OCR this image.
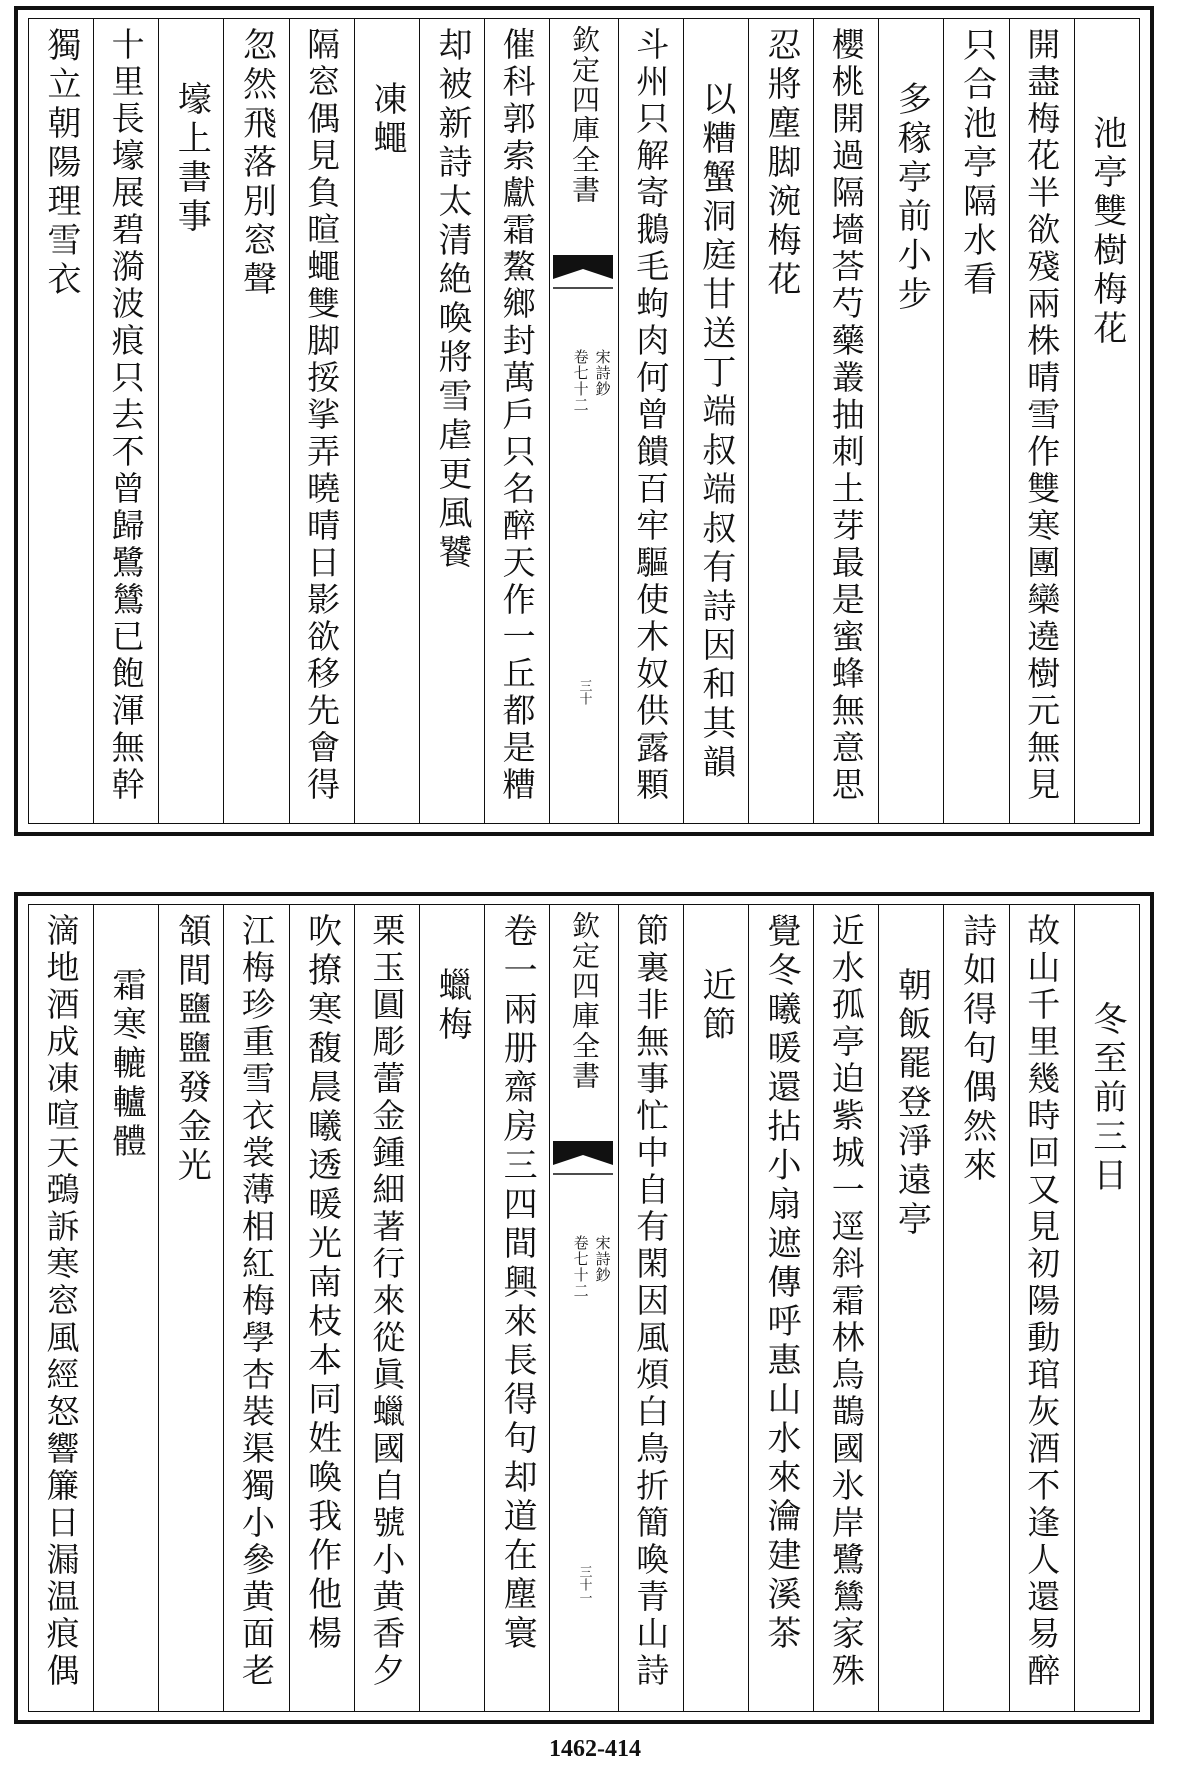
池亭雙樹梅花
開盡梅花半欲殘兩株晴雪作雙寒團欒遶樹元無見
只合池亭隔水看
多稼亭前小步
櫻桃開過隔墻荅芍藥叢抽刺土芽最是蜜蜂無意思
忍將塵脚涴梅花
以糟蟹洞庭甘送丁端叔端叔有詩因和其韻
斗州只解寄鵝毛蚼肉何曾饋百牢驅使木奴供露顆
欽定四庫全書
宋詩鈔
卷七十二
三十
催科郭索獻霜鰲鄉封萬戶只名醉天作一丘都是糟
却被新詩太清絶喚將雪虐更風饕
凍蠅
隔窓偶見負暄蠅雙脚挼挲弄曉晴日影欲移先會得
忽然飛落別窓聲
壕上書事
十里長壕展碧漪波痕只去不曾歸鷺鷥已飽渾無幹
獨立朝陽理雪衣
冬至前三日
故山千里幾時回又見初陽動琯灰酒不逢人還易醉
詩如得句偶然來
朝飯罷登淨遠亭
近水孤亭迫紫城一逕斜霜林烏鵲國氷岸鷺鷥家殊
覺冬曦暖還拈小扇遮傳呼惠山水來瀹建溪茶
近節
節裏非無事忙中自有閑因風煩白鳥折簡喚青山詩
欽定四庫全書
宋詩鈔
卷七十二
三十一
卷一兩册齋房三四間興來長得句却道在塵寰
蠟梅
栗玉圓彫蕾金鍾細著行來從眞蠟國自號小黄香夕
吹撩寒馥晨曦透暖光南枝本同姓喚我作他楊
江梅珍重雪衣裳薄相紅梅學杏裝渠獨小參黄面老
頷間鹽鹽發金光
霜寒轆轤體
滴地酒成凍喧天鵶訴寒窓風經怒響簾日漏温痕偶
1462-414
